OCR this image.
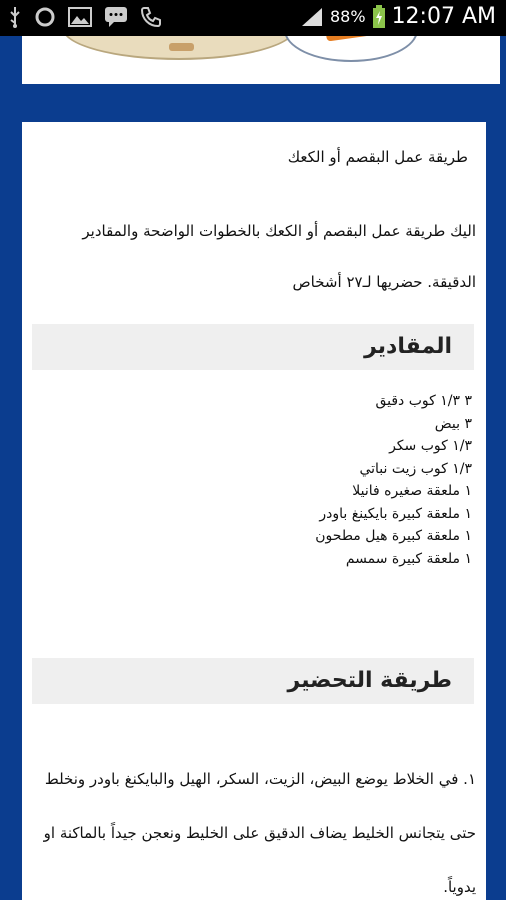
88% 12:07 AM
طريقة عمل البقصم أو الكعك
اليك طريقة عمل البقصم أو الكعك بالخطوات الواضحة والمقادير الدقيقة. حضريها لـ٢٧ أشخاص
المقادير
٣ ١/٣ كوب دقيق
٣ بيض
١/٣ كوب سكر
١/٣ كوب زيت نباتي
١ ملعقة صغيره فانيلا
١ ملعقة كبيرة بايكينغ باودر
١ ملعقة كبيرة هيل مطحون
١ ملعقة كبيرة سمسم
طريقة التحضير
١. في الخلاط يوضع البيض، الزيت، السكر، الهيل والبايكنغ باودر ونخلط حتى يتجانس الخليط يضاف الدقيق على الخليط ونعجن جيداً بالماكنة او يدوياً.
